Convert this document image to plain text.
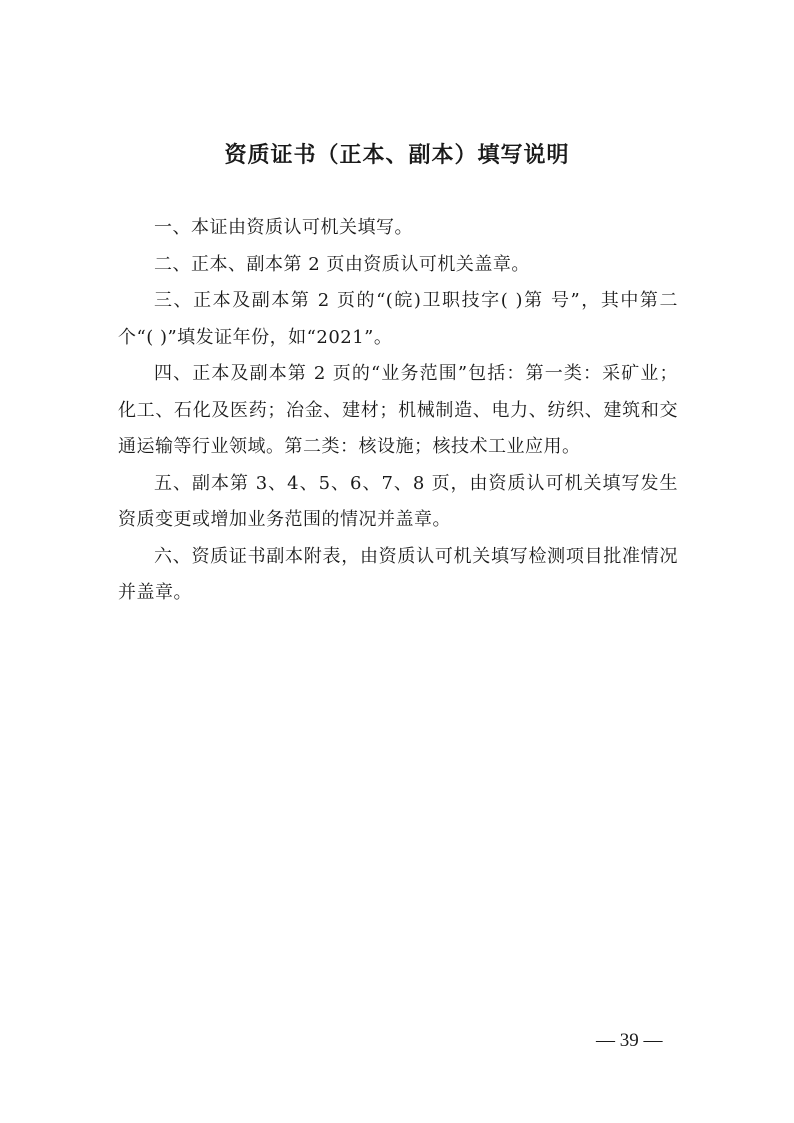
资质证书（正本、副本）填写说明

一、本证由资质认可机关填写。

二、正本、副本第 2 页由资质认可机关盖章。

三、正本及副本第 2 页的“(皖)卫职技字( )第 号”，其中第二个“( )”填发证年份，如“2021”。

四、正本及副本第 2 页的“业务范围”包括：第一类：采矿业；化工、石化及医药；冶金、建材；机械制造、电力、纺织、建筑和交通运输等行业领域。第二类：核设施；核技术工业应用。

五、副本第 3、4、5、6、7、8 页，由资质认可机关填写发生资质变更或增加业务范围的情况并盖章。

六、资质证书副本附表，由资质认可机关填写检测项目批准情况并盖章。

— 39 —
